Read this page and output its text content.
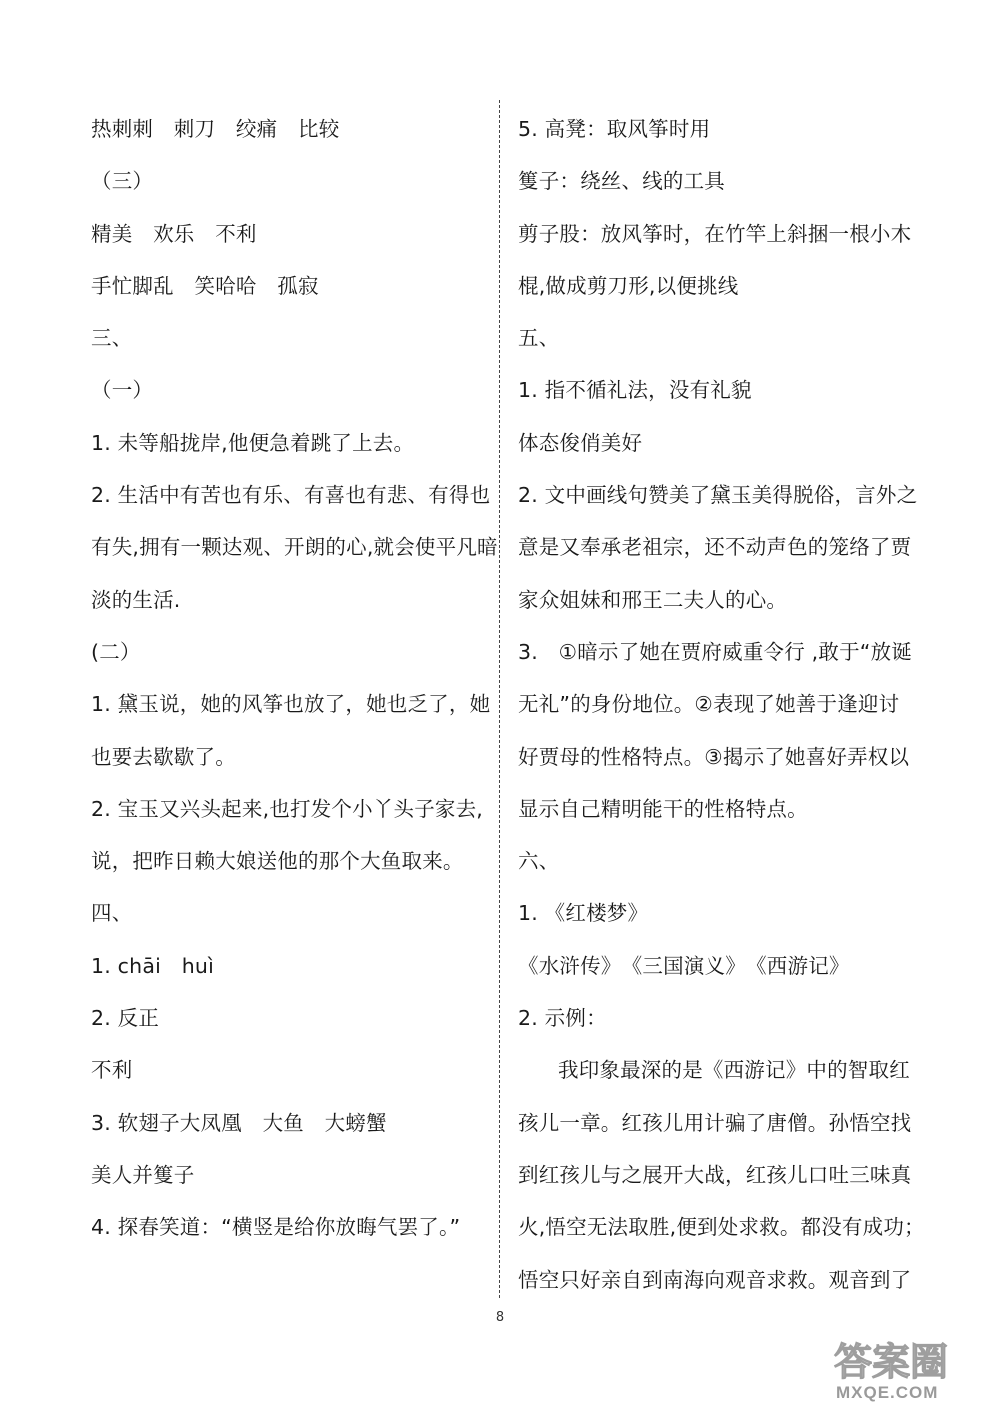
热刺刺　刺刀　绞痛　比较
（三）
精美　欢乐　不利
手忙脚乱　笑哈哈　孤寂
三、
（一）
1. 未等船拢岸,他便急着跳了上去。
2. 生活中有苦也有乐、有喜也有悲、有得也
有失,拥有一颗达观、开朗的心,就会使平凡暗
淡的生活.
(二）
1. 黛玉说，她的风筝也放了，她也乏了，她
也要去歇歇了。
2. 宝玉又兴头起来,也打发个小丫头子家去,
说，把昨日赖大娘送他的那个大鱼取来。
四、
1. chāi　huì
2. 反正
不利
3. 软翅子大凤凰　大鱼　大螃蟹
美人并篗子
4. 探春笑道：“横竖是给你放晦气罢了。”
5. 高凳：取风筝时用
篗子：绕丝、线的工具
剪子股：放风筝时，在竹竿上斜捆一根小木
棍,做成剪刀形,以便挑线
五、
1. 指不循礼法，没有礼貌
体态俊俏美好
2. 文中画线句赞美了黛玉美得脱俗，言外之
意是又奉承老祖宗，还不动声色的笼络了贾
家众姐妹和邢王二夫人的心。
3.　①暗示了她在贾府威重令行 ,敢于“放诞
无礼”的身份地位。②表现了她善于逢迎讨
好贾母的性格特点。③揭示了她喜好弄权以
显示自己精明能干的性格特点。
六、
1. 《红楼梦》
《水浒传》　《三国演义》　《西游记》
2. 示例：
我印象最深的是《西游记》中的智取红
孩儿一章。红孩儿用计骗了唐僧。孙悟空找
到红孩儿与之展开大战，红孩儿口吐三味真
火,悟空无法取胜,便到处求救。都没有成功；
悟空只好亲自到南海向观音求救。观音到了
8
答案圈
MXQE.COM
